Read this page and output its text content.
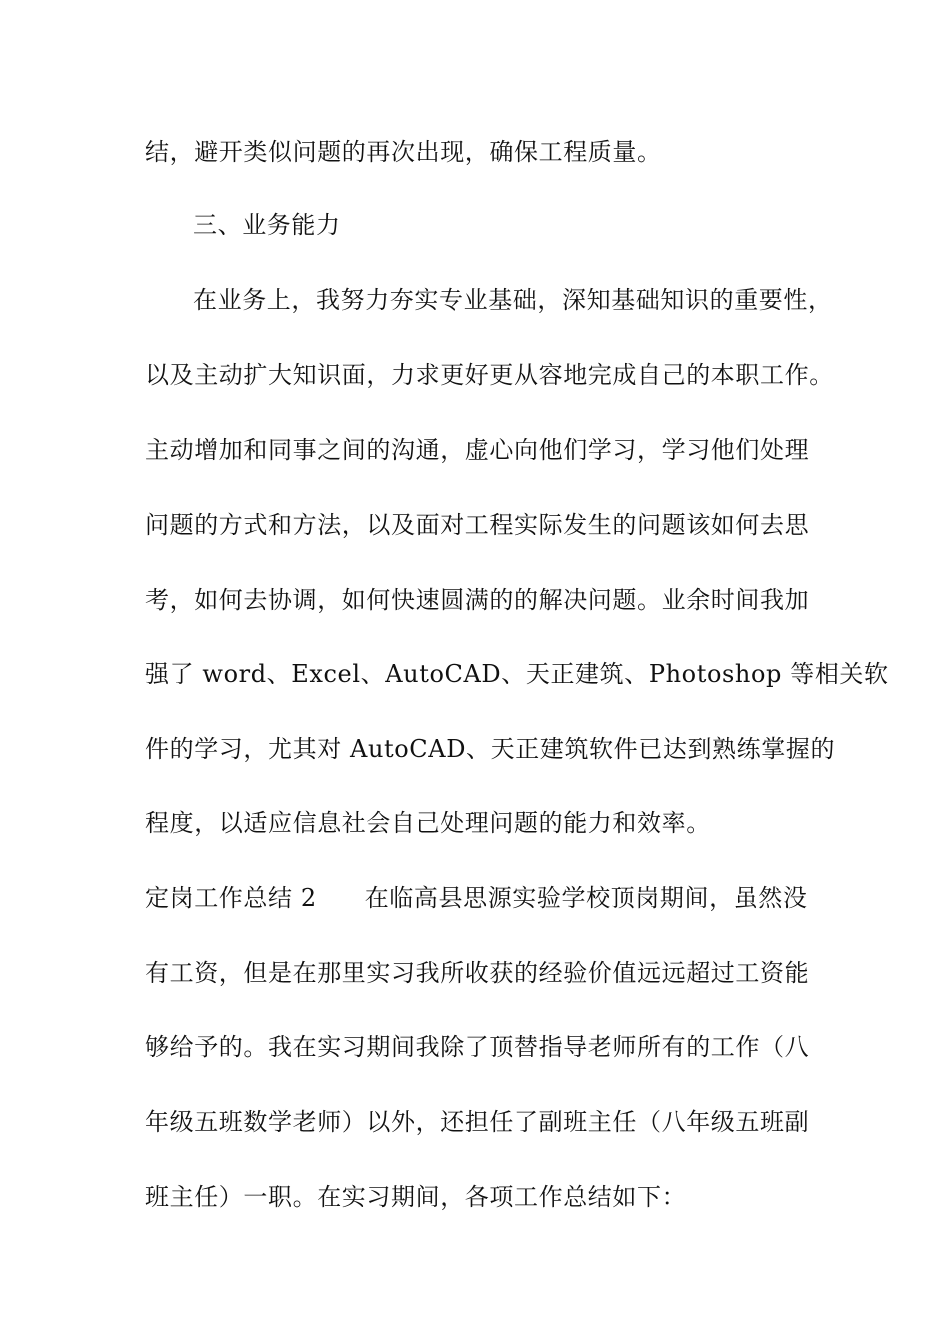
结，避开类似问题的再次出现，确保工程质量。
三、业务能力
在业务上，我努力夯实专业基础，深知基础知识的重要性，
以及主动扩大知识面，力求更好更从容地完成自己的本职工作。
主动增加和同事之间的沟通，虚心向他们学习，学习他们处理
问题的方式和方法，以及面对工程实际发生的问题该如何去思
考，如何去协调，如何快速圆满的的解决问题。业余时间我加
强了 word、Excel、AutoCAD、天正建筑、Photoshop 等相关软
件的学习，尤其对 AutoCAD、天正建筑软件已达到熟练掌握的
程度，以适应信息社会自己处理问题的能力和效率。
定岗工作总结 2 在临高县思源实验学校顶岗期间，虽然没
有工资，但是在那里实习我所收获的经验价值远远超过工资能
够给予的。我在实习期间我除了顶替指导老师所有的工作（八
年级五班数学老师）以外，还担任了副班主任（八年级五班副
班主任）一职。在实习期间，各项工作总结如下：
